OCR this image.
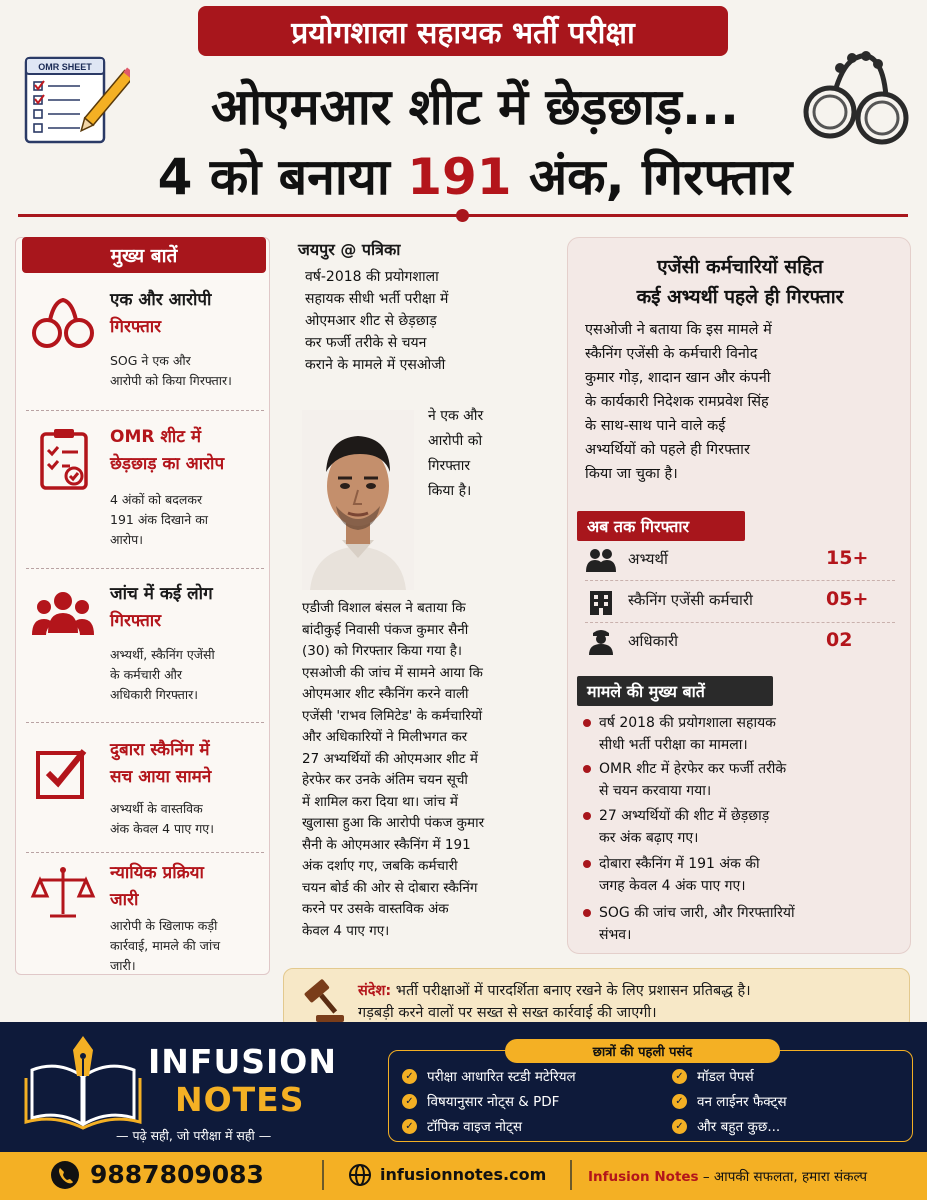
प्रयोगशाला सहायक भर्ती परीक्षा
OMR SHEET
ओएमआर शीट में छेड़छाड़...
4 को बनाया 191 अंक, गिरफ्तार
मुख्य बातें
एक और आरोपी
गिरफ्तार
SOG ने एक और
आरोपी को किया गिरफ्तार।
OMR शीट में
छेड़छाड़ का आरोप
4 अंकों को बदलकर
191 अंक दिखाने का
आरोप।
जांच में कई लोग
गिरफ्तार
अभ्यर्थी, स्कैनिंग एजेंसी
के कर्मचारी और
अधिकारी गिरफ्तार।
दुबारा स्कैनिंग में
सच आया सामने
अभ्यर्थी के वास्तविक
अंक केवल 4 पाए गए।
न्यायिक प्रक्रिया
जारी
आरोपी के खिलाफ कड़ी
कार्रवाई, मामले की जांच
जारी।
जयपुर @ पत्रिका
वर्ष-2018 की प्रयोगशाला
सहायक सीधी भर्ती परीक्षा में
ओएमआर शीट से छेड़छाड़
कर फर्जी तरीके से चयन
कराने के मामले में एसओजी
ने एक और
आरोपी को
गिरफ्तार
किया है।
एडीजी विशाल बंसल ने बताया कि
बांदीकुई निवासी पंकज कुमार सैनी
(30) को गिरफ्तार किया गया है।
एसओजी की जांच में सामने आया कि
ओएमआर शीट स्कैनिंग करने वाली
एजेंसी 'राभव लिमिटेड' के कर्मचारियों
और अधिकारियों ने मिलीभगत कर
27 अभ्यर्थियों की ओएमआर शीट में
हेरफेर कर उनके अंतिम चयन सूची
में शामिल करा दिया था। जांच में
खुलासा हुआ कि आरोपी पंकज कुमार
सैनी के ओएमआर स्कैनिंग में 191
अंक दर्शाए गए, जबकि कर्मचारी
चयन बोर्ड की ओर से दोबारा स्कैनिंग
करने पर उसके वास्तविक अंक
केवल 4 पाए गए।
एजेंसी कर्मचारियों सहित
कई अभ्यर्थी पहले ही गिरफ्तार
एसओजी ने बताया कि इस मामले में
स्कैनिंग एजेंसी के कर्मचारी विनोद
कुमार गोड़, शादान खान और कंपनी
के कार्यकारी निदेशक रामप्रवेश सिंह
के साथ-साथ पाने वाले कई
अभ्यर्थियों को पहले ही गिरफ्तार
किया जा चुका है।
अब तक गिरफ्तार
अभ्यर्थी	15+
स्कैनिंग एजेंसी कर्मचारी	05+
अधिकारी	02
मामले की मुख्य बातें
वर्ष 2018 की प्रयोगशाला सहायक
सीधी भर्ती परीक्षा का मामला।
OMR शीट में हेरफेर कर फर्जी तरीके
से चयन करवाया गया।
27 अभ्यर्थियों की शीट में छेड़छाड़
कर अंक बढ़ाए गए।
दोबारा स्कैनिंग में 191 अंक की
जगह केवल 4 अंक पाए गए।
SOG की जांच जारी, और गिरफ्तारियों
संभव।
संदेश: भर्ती परीक्षाओं में पारदर्शिता बनाए रखने के लिए प्रशासन प्रतिबद्ध है।
गड़बड़ी करने वालों पर सख्त से सख्त कार्रवाई की जाएगी।
INFUSION
NOTES
— पढ़े सही, जो परीक्षा में सही —
छात्रों की पहली पसंद
✓ परीक्षा आधारित स्टडी मटेरियल	✓ मॉडल पेपर्स
✓ विषयानुसार नोट्स & PDF	✓ वन लाईनर फैक्ट्स
✓ टॉपिक वाइज नोट्स	✓ और बहुत कुछ...
9887809083	infusionnotes.com	Infusion Notes – आपकी सफलता, हमारा संकल्प
